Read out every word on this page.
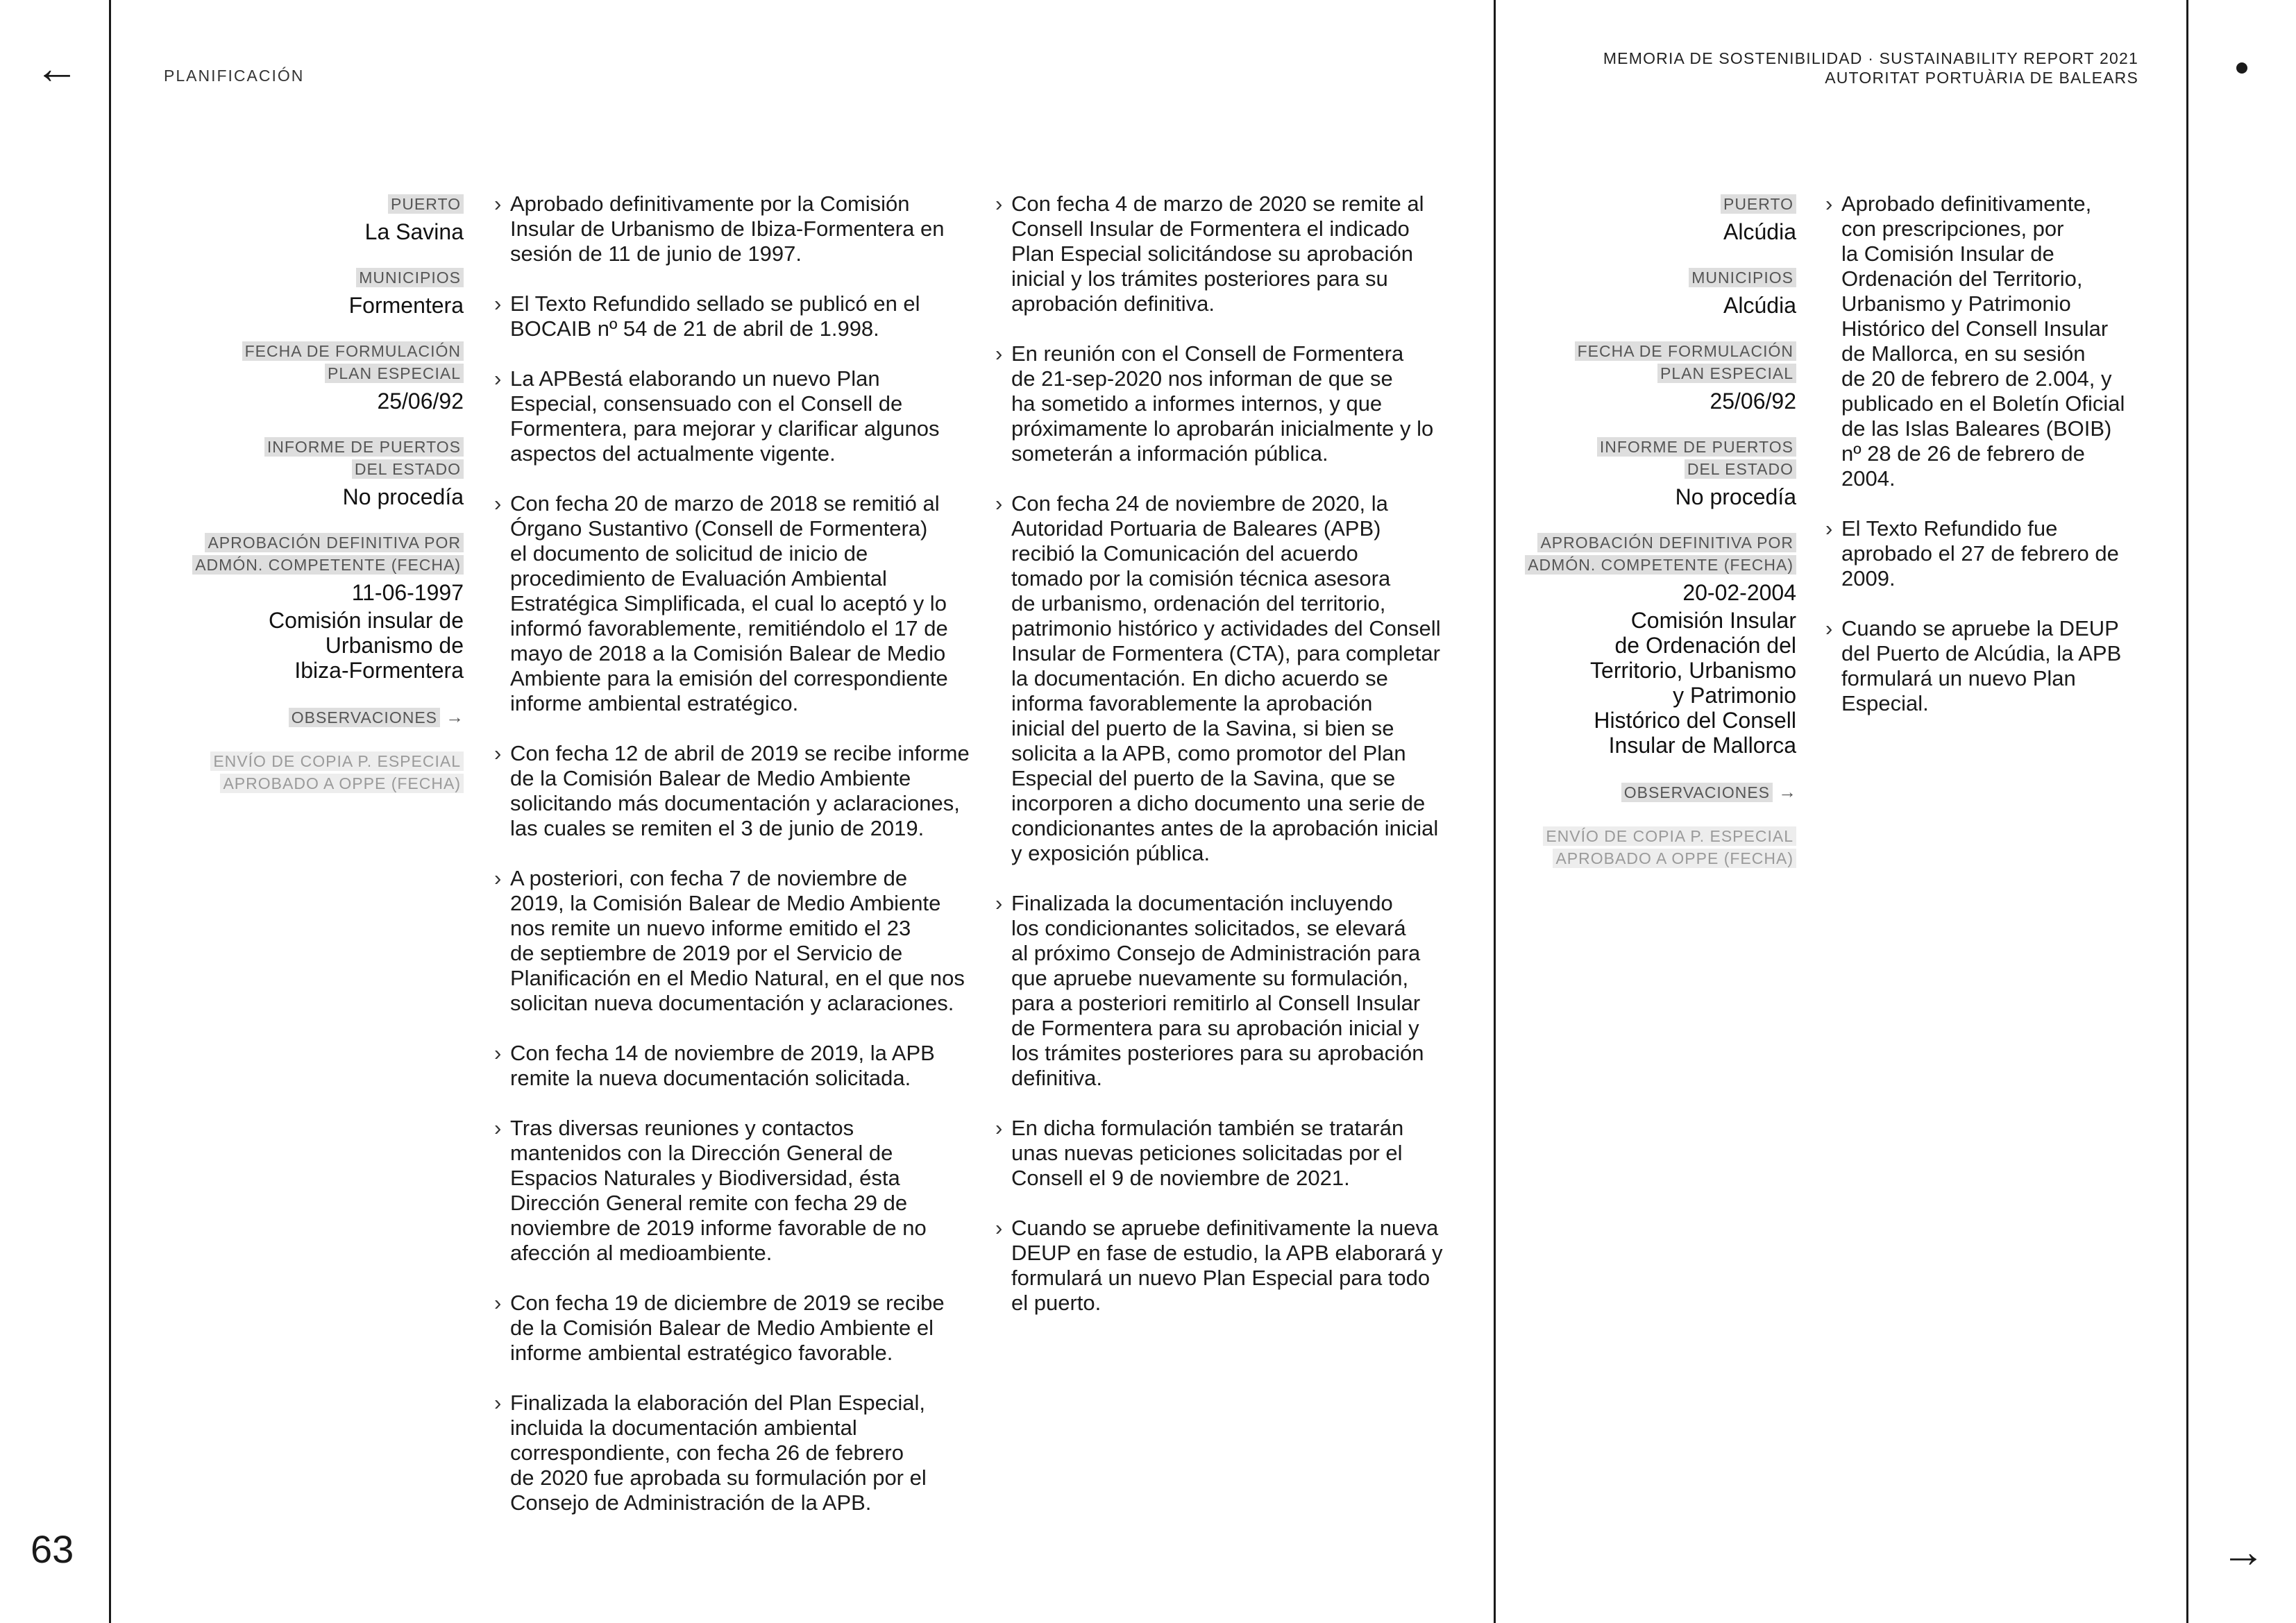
←
→
63
PLANIFICACIÓN
MEMORIA DE SOSTENIBILIDAD · SUSTAINABILITY REPORT 2021
AUTORITAT PORTUÀRIA DE BALEARS
PUERTO
La Savina
MUNICIPIOS
Formentera
FECHA DE FORMULACIÓN
PLAN ESPECIAL
25/06/92
INFORME DE PUERTOS
DEL ESTADO
No procedía
APROBACIÓN DEFINITIVA POR
ADMÓN. COMPETENTE (FECHA)
11-06-1997
Comisión insular de
Urbanismo de
Ibiza-Formentera
OBSERVACIONES →
ENVÍO DE COPIA P. ESPECIAL
APROBADO A OPPE (FECHA)
› Aprobado definitivamente por la Comisión
Insular de Urbanismo de Ibiza-Formentera en
sesión de 11 de junio de 1997.
› El Texto Refundido sellado se publicó en el
BOCAIB nº 54 de 21 de abril de 1.998.
› La APBestá elaborando un nuevo Plan
Especial, consensuado con el Consell de
Formentera, para mejorar y clarificar algunos
aspectos del actualmente vigente.
› Con fecha 20 de marzo de 2018 se remitió al
Órgano Sustantivo (Consell de Formentera)
el documento de solicitud de inicio de
procedimiento de Evaluación Ambiental
Estratégica Simplificada, el cual lo aceptó y lo
informó favorablemente, remitiéndolo el 17 de
mayo de 2018 a la Comisión Balear de Medio
Ambiente para la emisión del correspondiente
informe ambiental estratégico.
› Con fecha 12 de abril de 2019 se recibe informe
de la Comisión Balear de Medio Ambiente
solicitando más documentación y aclaraciones,
las cuales se remiten el 3 de junio de 2019.
› A posteriori, con fecha 7 de noviembre de
2019, la Comisión Balear de Medio Ambiente
nos remite un nuevo informe emitido el 23
de septiembre de 2019 por el Servicio de
Planificación en el Medio Natural, en el que nos
solicitan nueva documentación y aclaraciones.
› Con fecha 14 de noviembre de 2019, la APB
remite la nueva documentación solicitada.
› Tras diversas reuniones y contactos
mantenidos con la Dirección General de
Espacios Naturales y Biodiversidad, ésta
Dirección General remite con fecha 29 de
noviembre de 2019 informe favorable de no
afección al medioambiente.
› Con fecha 19 de diciembre de 2019 se recibe
de la Comisión Balear de Medio Ambiente el
informe ambiental estratégico favorable.
› Finalizada la elaboración del Plan Especial,
incluida la documentación ambiental
correspondiente, con fecha 26 de febrero
de 2020 fue aprobada su formulación por el
Consejo de Administración de la APB.
› Con fecha 4 de marzo de 2020 se remite al
Consell Insular de Formentera el indicado
Plan Especial solicitándose su aprobación
inicial y los trámites posteriores para su
aprobación definitiva.
› En reunión con el Consell de Formentera
de 21-sep-2020 nos informan de que se
ha sometido a informes internos, y que
próximamente lo aprobarán inicialmente y lo
someterán a información pública.
› Con fecha 24 de noviembre de 2020, la
Autoridad Portuaria de Baleares (APB)
recibió la Comunicación del acuerdo
tomado por la comisión técnica asesora
de urbanismo, ordenación del territorio,
patrimonio histórico y actividades del Consell
Insular de Formentera (CTA), para completar
la documentación. En dicho acuerdo se
informa favorablemente la aprobación
inicial del puerto de la Savina, si bien se
solicita a la APB, como promotor del Plan
Especial del puerto de la Savina, que se
incorporen a dicho documento una serie de
condicionantes antes de la aprobación inicial
y exposición pública.
› Finalizada la documentación incluyendo
los condicionantes solicitados, se elevará
al próximo Consejo de Administración para
que apruebe nuevamente su formulación,
para a posteriori remitirlo al Consell Insular
de Formentera para su aprobación inicial y
los trámites posteriores para su aprobación
definitiva.
› En dicha formulación también se tratarán
unas nuevas peticiones solicitadas por el
Consell el 9 de noviembre de 2021.
› Cuando se apruebe definitivamente la nueva
DEUP en fase de estudio, la APB elaborará y
formulará un nuevo Plan Especial para todo
el puerto.
PUERTO
Alcúdia
MUNICIPIOS
Alcúdia
FECHA DE FORMULACIÓN
PLAN ESPECIAL
25/06/92
INFORME DE PUERTOS
DEL ESTADO
No procedía
APROBACIÓN DEFINITIVA POR
ADMÓN. COMPETENTE (FECHA)
20-02-2004
Comisión Insular
de Ordenación del
Territorio, Urbanismo
y Patrimonio
Histórico del Consell
Insular de Mallorca
OBSERVACIONES →
ENVÍO DE COPIA P. ESPECIAL
APROBADO A OPPE (FECHA)
› Aprobado definitivamente,
con prescripciones, por
la Comisión Insular de
Ordenación del Territorio,
Urbanismo y Patrimonio
Histórico del Consell Insular
de Mallorca, en su sesión
de 20 de febrero de 2.004, y
publicado en el Boletín Oficial
de las Islas Baleares (BOIB)
nº 28 de 26 de febrero de
2004.
› El Texto Refundido fue
aprobado el 27 de febrero de
2009.
› Cuando se apruebe la DEUP
del Puerto de Alcúdia, la APB
formulará un nuevo Plan
Especial.
